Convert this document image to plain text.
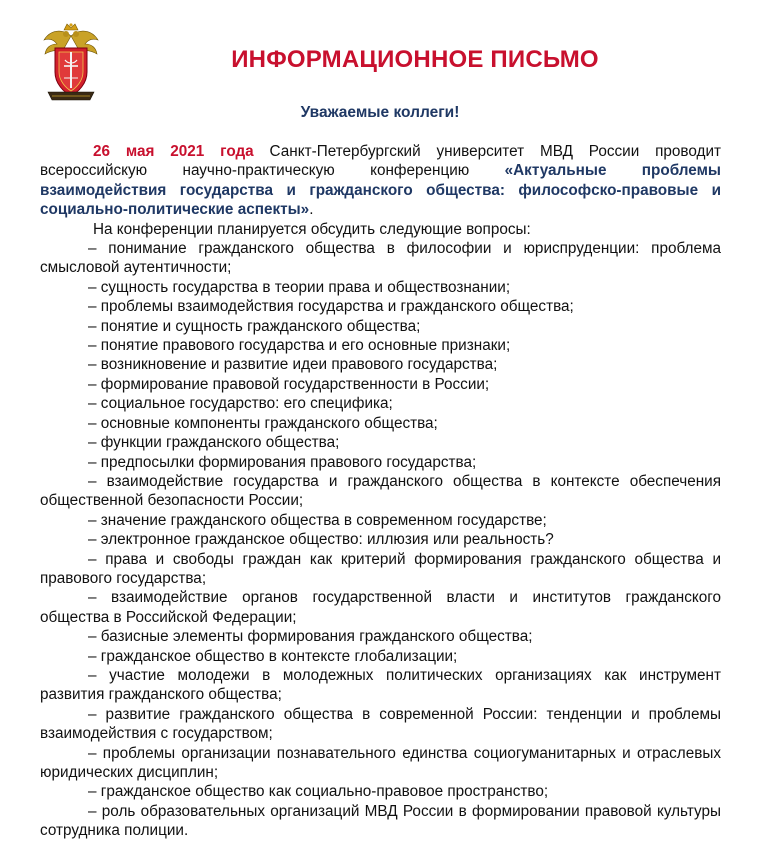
ИНФОРМАЦИОННОЕ ПИСЬМО
Уважаемые коллеги!

26 мая 2021 года Санкт-Петербургский университет МВД России проводит всероссийскую научно-практическую конференцию «Актуальные проблемы взаимодействия государства и гражданского общества: философско-правовые и социально-политические аспекты».

На конференции планируется обсудить следующие вопросы:

– понимание гражданского общества в философии и юриспруденции: проблема смысловой аутентичности;

– сущность государства в теории права и обществознании;

– проблемы взаимодействия государства и гражданского общества;

– понятие и сущность гражданского общества;

– понятие правового государства и его основные признаки;

– возникновение и развитие идеи правового государства;

– формирование правовой государственности в России;

– социальное государство: его специфика;

– основные компоненты гражданского общества;

– функции гражданского общества;

– предпосылки формирования правового государства;

– взаимодействие государства и гражданского общества в контексте обеспечения общественной безопасности России;

– значение гражданского общества в современном государстве;

– электронное гражданское общество: иллюзия или реальность?

– права и свободы граждан как критерий формирования гражданского общества и правового государства;

– взаимодействие органов государственной власти и институтов гражданского общества в Российской Федерации;

– базисные элементы формирования гражданского общества;

– гражданское общество в контексте глобализации;

– участие молодежи в молодежных политических организациях как инструмент развития гражданского общества;

– развитие гражданского общества в современной России: тенденции и проблемы взаимодействия с государством;

– проблемы организации познавательного единства социогуманитарных и отраслевых юридических дисциплин;

– гражданское общество как социально-правовое пространство;

– роль образовательных организаций МВД России в формировании правовой культуры сотрудника полиции.
